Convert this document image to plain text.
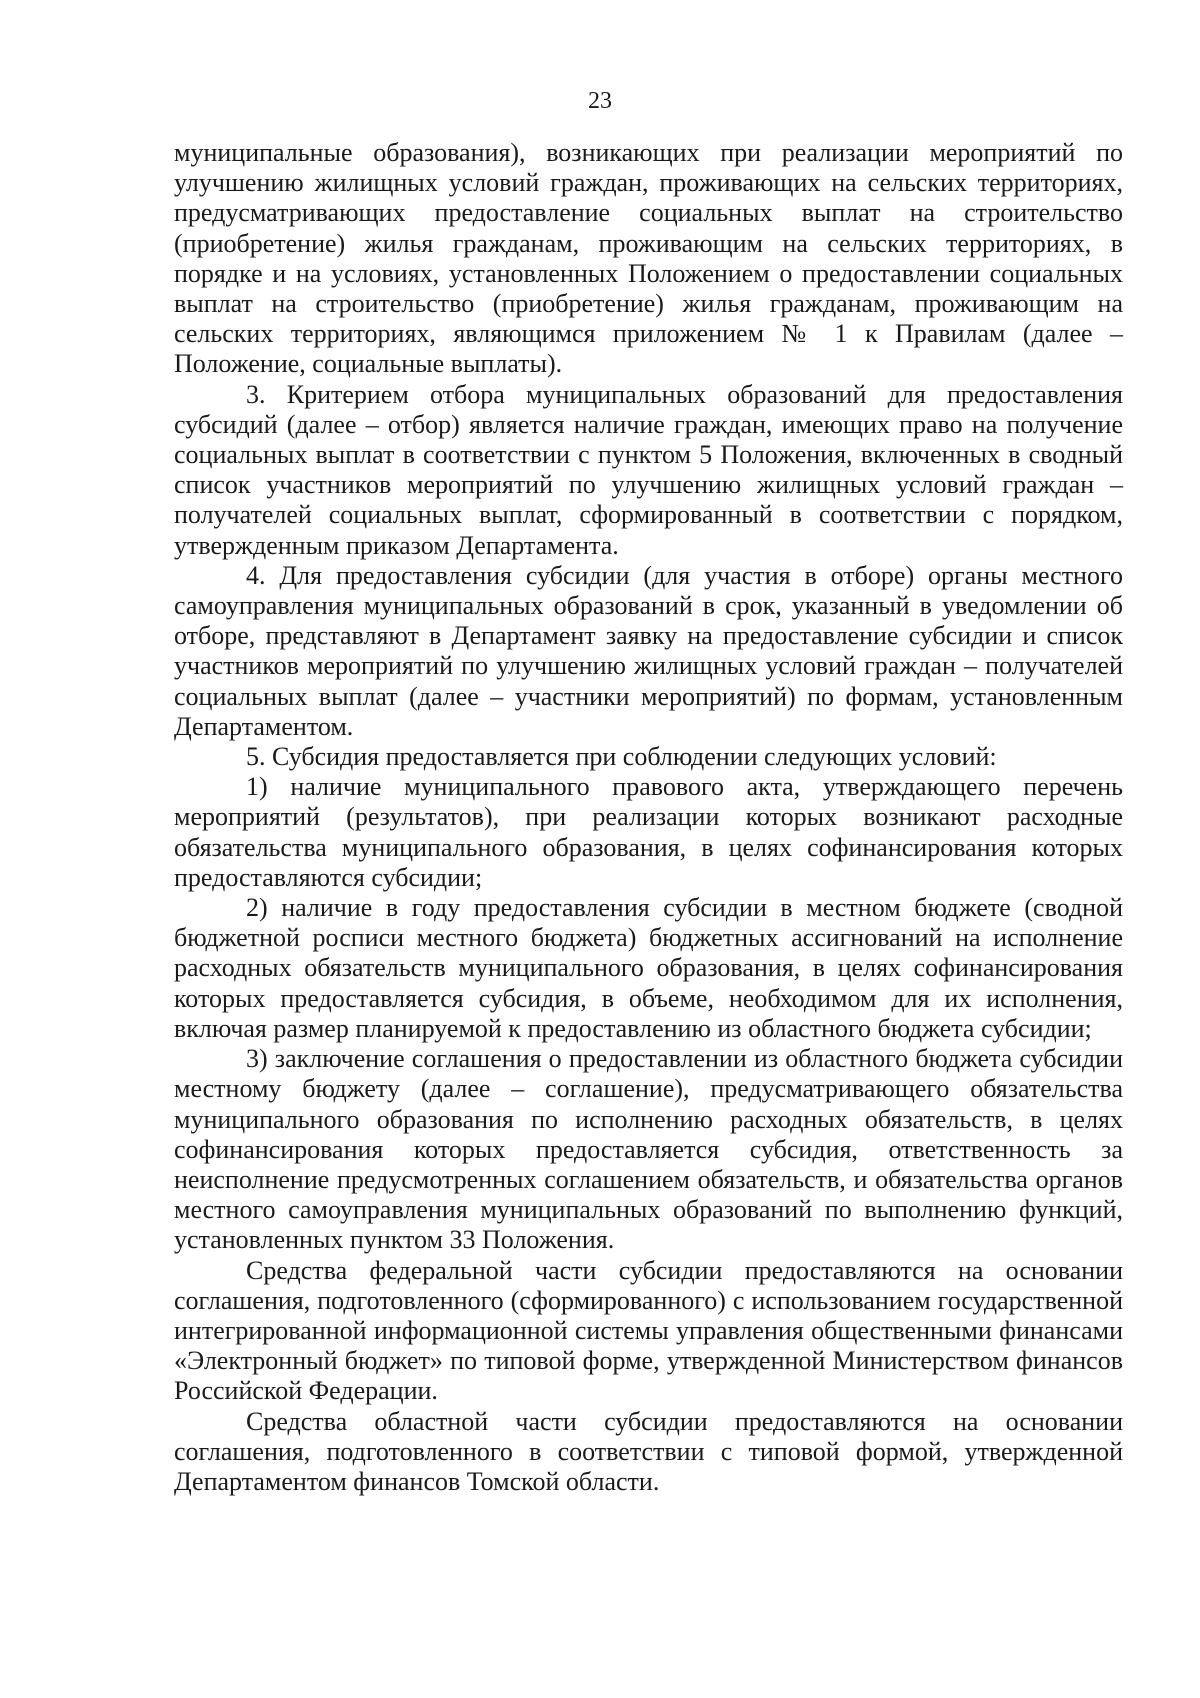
23

муниципальные образования), возникающих при реализации мероприятий по улучшению жилищных условий граждан, проживающих на сельских территориях, предусматривающих предоставление социальных выплат на строительство (приобретение) жилья гражданам, проживающим на сельских территориях, в порядке и на условиях, установленных Положением о предоставлении социальных выплат на строительство (приобретение) жилья гражданам, проживающим на сельских территориях, являющимся приложением № 1 к Правилам (далее – Положение, социальные выплаты).

3. Критерием отбора муниципальных образований для предоставления субсидий (далее – отбор) является наличие граждан, имеющих право на получение социальных выплат в соответствии с пунктом 5 Положения, включенных в сводный список участников мероприятий по улучшению жилищных условий граждан – получателей социальных выплат, сформированный в соответствии с порядком, утвержденным приказом Департамента.

4. Для предоставления субсидии (для участия в отборе) органы местного самоуправления муниципальных образований в срок, указанный в уведомлении об отборе, представляют в Департамент заявку на предоставление субсидии и список участников мероприятий по улучшению жилищных условий граждан – получателей социальных выплат (далее – участники мероприятий) по формам, установленным Департаментом.

5. Субсидия предоставляется при соблюдении следующих условий:

1) наличие муниципального правового акта, утверждающего перечень мероприятий (результатов), при реализации которых возникают расходные обязательства муниципального образования, в целях софинансирования которых предоставляются субсидии;

2) наличие в году предоставления субсидии в местном бюджете (сводной бюджетной росписи местного бюджета) бюджетных ассигнований на исполнение расходных обязательств муниципального образования, в целях софинансирования которых предоставляется субсидия, в объеме, необходимом для их исполнения, включая размер планируемой к предоставлению из областного бюджета субсидии;

3) заключение соглашения о предоставлении из областного бюджета субсидии местному бюджету (далее – соглашение), предусматривающего обязательства муниципального образования по исполнению расходных обязательств, в целях софинансирования которых предоставляется субсидия, ответственность за неисполнение предусмотренных соглашением обязательств, и обязательства органов местного самоуправления муниципальных образований по выполнению функций, установленных пунктом 33 Положения.

Средства федеральной части субсидии предоставляются на основании соглашения, подготовленного (сформированного) с использованием государственной интегрированной информационной системы управления общественными финансами «Электронный бюджет» по типовой форме, утвержденной Министерством финансов Российской Федерации.

Средства областной части субсидии предоставляются на основании соглашения, подготовленного в соответствии с типовой формой, утвержденной Департаментом финансов Томской области.
